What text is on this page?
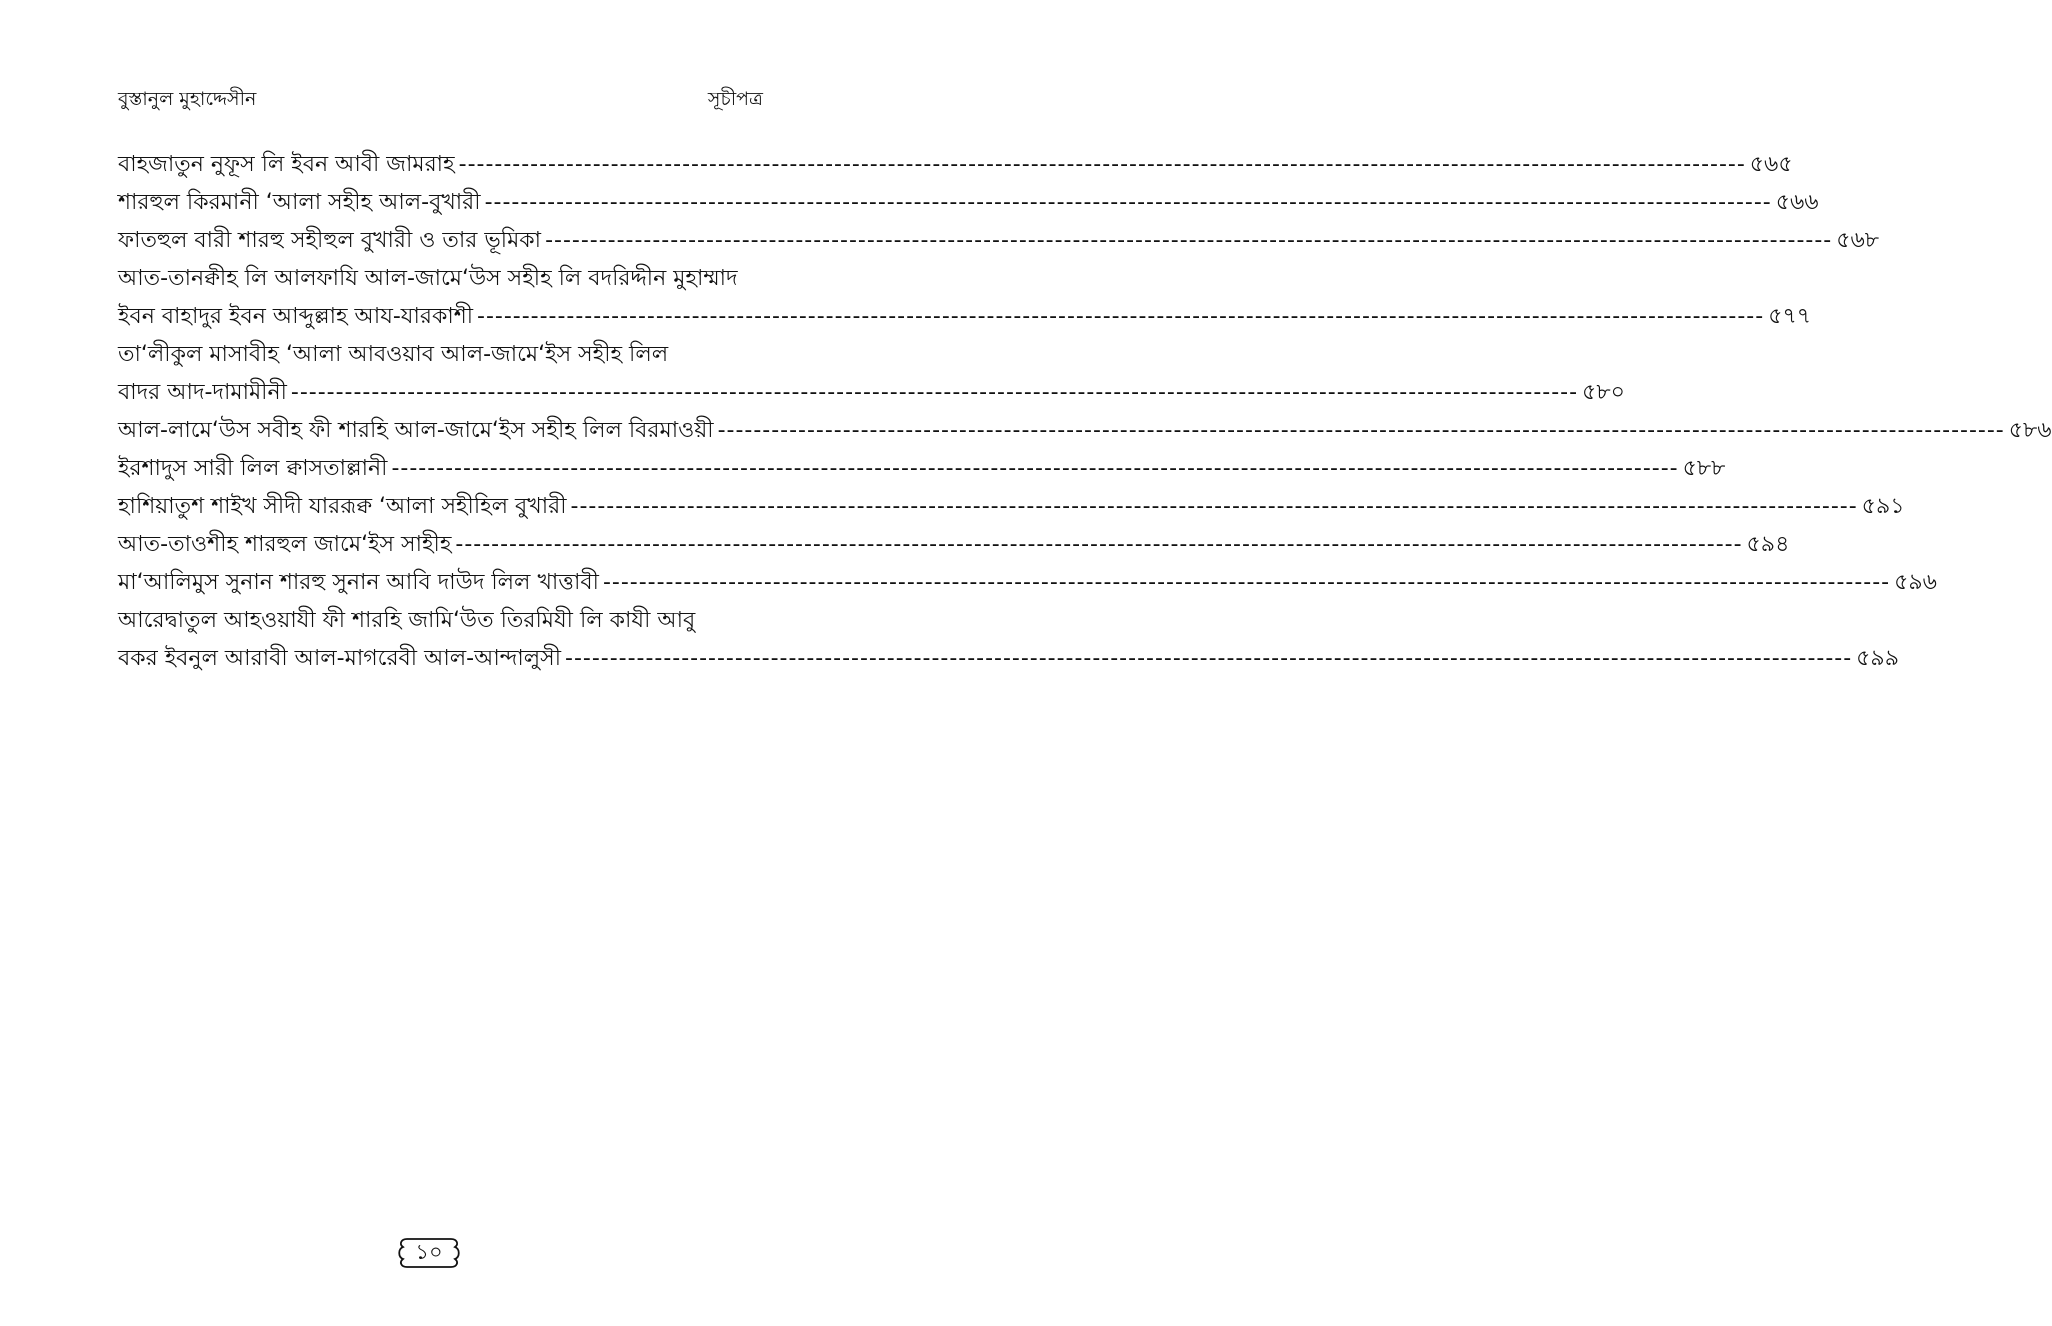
বুস্তানুল মুহাদ্দেসীন	সূচীপত্র
বাহজাতুন নুফূস লি ইবন আবী জামরাহ -----	৫৬৫
শারহুল কিরমানী ‘আলা সহীহ আল-বুখারী -----	৫৬৬
ফাতহুল বারী শারহু সহীহুল বুখারী ও তার ভূমিকা -----	৫৬৮
আত-তানক্বীহ লি আলফাযি আল-জামে‘উস সহীহ লি বদরিদ্দীন মুহাম্মাদ
ইবন বাহাদুর ইবন আব্দুল্লাহ আয-যারকাশী -----	৫৭৭
তা‘লীকুল মাসাবীহ ‘আলা আবওয়াব আল-জামে‘ইস সহীহ লিল
বাদর আদ-দামামীনী -----	৫৮০
আল-লামে‘উস সবীহ ফী শারহি আল-জামে‘ইস সহীহ লিল বিরমাওয়ী -----	৫৮৬
ইরশাদুস সারী লিল ক্বাসতাল্লানী -----	৫৮৮
হাশিয়াতুশ শাইখ সীদী যাররূক্ব ‘আলা সহীহিল বুখারী -----	৫৯১
আত-তাওশীহ শারহুল জামে‘ইস সাহীহ -----	৫৯৪
মা‘আলিমুস সুনান শারহু সুনান আবি দাউদ লিল খাত্তাবী -----	৫৯৬
আরেদ্বাতুল আহওয়াযী ফী শারহি জামি‘উত তিরমিযী লি কাযী আবু
বকর ইবনুল আরাবী আল-মাগরেবী আল-আন্দালুসী -----	৫৯৯
১০
